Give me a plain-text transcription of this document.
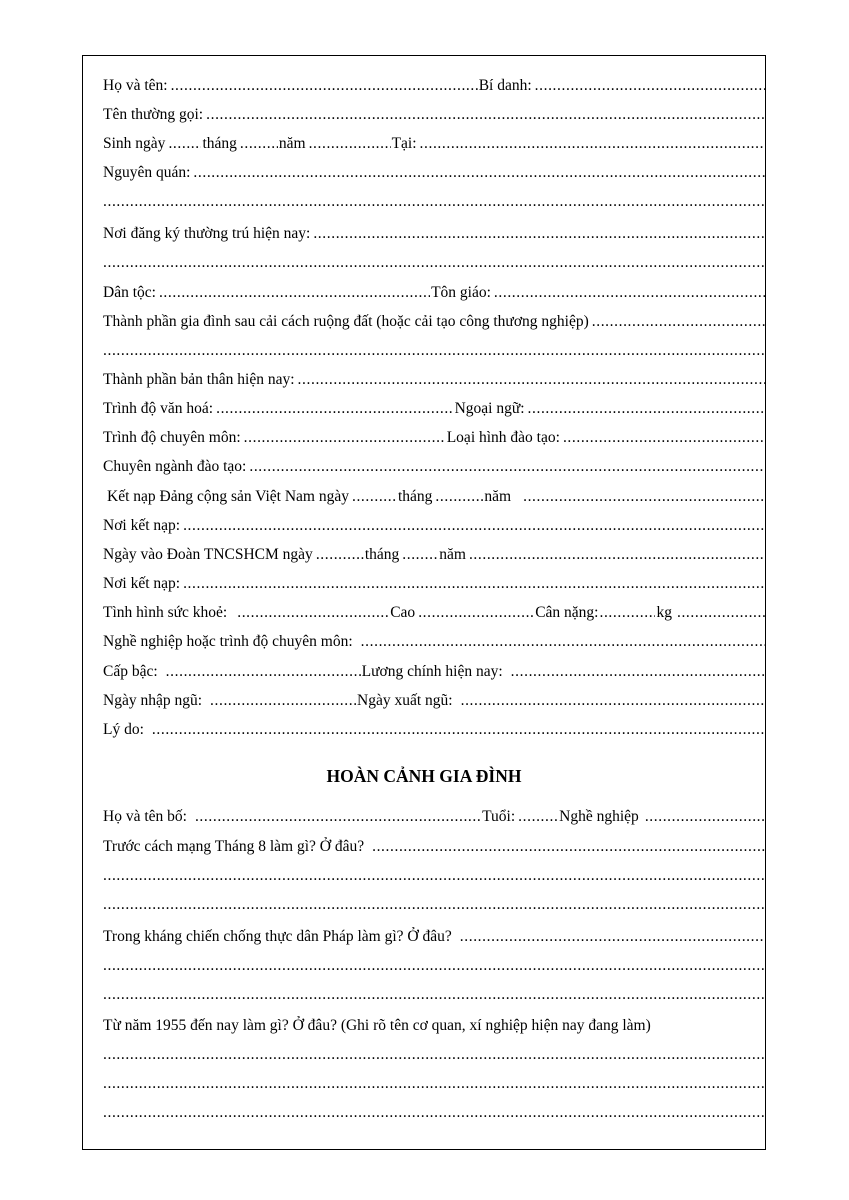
Họ và tên: .....	Bí danh:
.....
Tên thường gọi:
.....
Sinh ngày ..... tháng .....	năm .....	Tại:
.....
Nguyên quán:
.....
.....
Nơi đăng ký thường trú hiện nay:
.....
.....
Dân tộc: .....	Tôn giáo:
.....
Thành phần gia đình sau cải cách ruộng đất (hoặc cải tạo công thương nghiệp)
.....
.....
Thành phần bản thân hiện nay:
.....
Trình độ văn hoá: .....	Ngoại ngữ:
.....
Trình độ chuyên môn: .....	Loại hình đào tạo:
.....
Chuyên ngành đào tạo:
.....
Kết nạp Đảng cộng sản Việt Nam ngày .....	tháng .....	năm
.....
Nơi kết nạp:
.....
Ngày vào Đoàn TNCSHCM ngày .....	tháng .....	năm
.....
Nơi kết nạp:
.....
Tình hình sức khoẻ: .....	Cao .....	Cân nặng: .....	kg
.....
Nghề nghiệp hoặc trình độ chuyên môn:
.....
Cấp bậc: .....	Lương chính hiện nay:
.....
Ngày nhập ngũ: .....	Ngày xuất ngũ:
.....
Lý do:
.....
HOÀN CẢNH GIA ĐÌNH
Họ và tên bố: .....	Tuổi: .....	Nghề nghiệp
.....
Trước cách mạng Tháng 8 làm gì? Ở đâu?
.....
.....
.....
Trong kháng chiến chống thực dân Pháp làm gì? Ở đâu?
.....
.....
.....
Từ năm 1955 đến nay làm gì? Ở đâu? (Ghi rõ tên cơ quan, xí nghiệp hiện nay đang làm)
.....
.....
.....
